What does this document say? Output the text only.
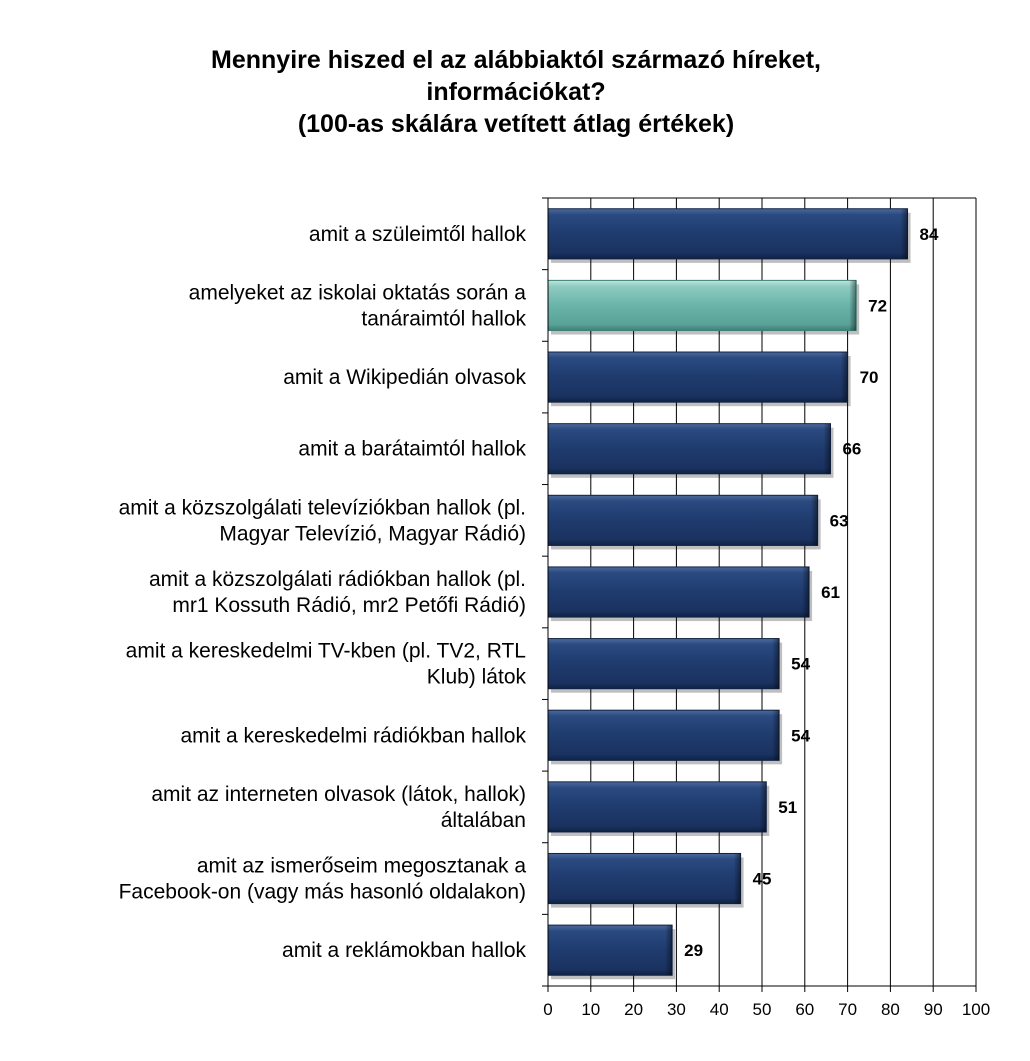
Mennyire hiszed el az alábbiaktól származó híreket,
információkat?
(100-as skálára vetített átlag értékek)
amit a szüleimtől hallok
amelyeket az iskolai oktatás során a
tanáraimtól hallok
amit a Wikipedián olvasok
amit a barátaimtól hallok
amit a közszolgálati televíziókban hallok (pl.
Magyar Televízió, Magyar Rádió)
amit a közszolgálati rádiókban hallok (pl.
mr1 Kossuth Rádió, mr2 Petőfi Rádió)
amit a kereskedelmi TV-kben (pl. TV2, RTL
Klub) látok
amit a kereskedelmi rádiókban hallok
amit az interneten olvasok (látok, hallok)
általában
amit az ismerőseim megosztanak a
Facebook-on (vagy más hasonló oldalakon)
amit a reklámokban hallok
84
72
70
66
63
61
54
54
51
45
29
0 10 20 30 40 50 60 70 80 90 100
